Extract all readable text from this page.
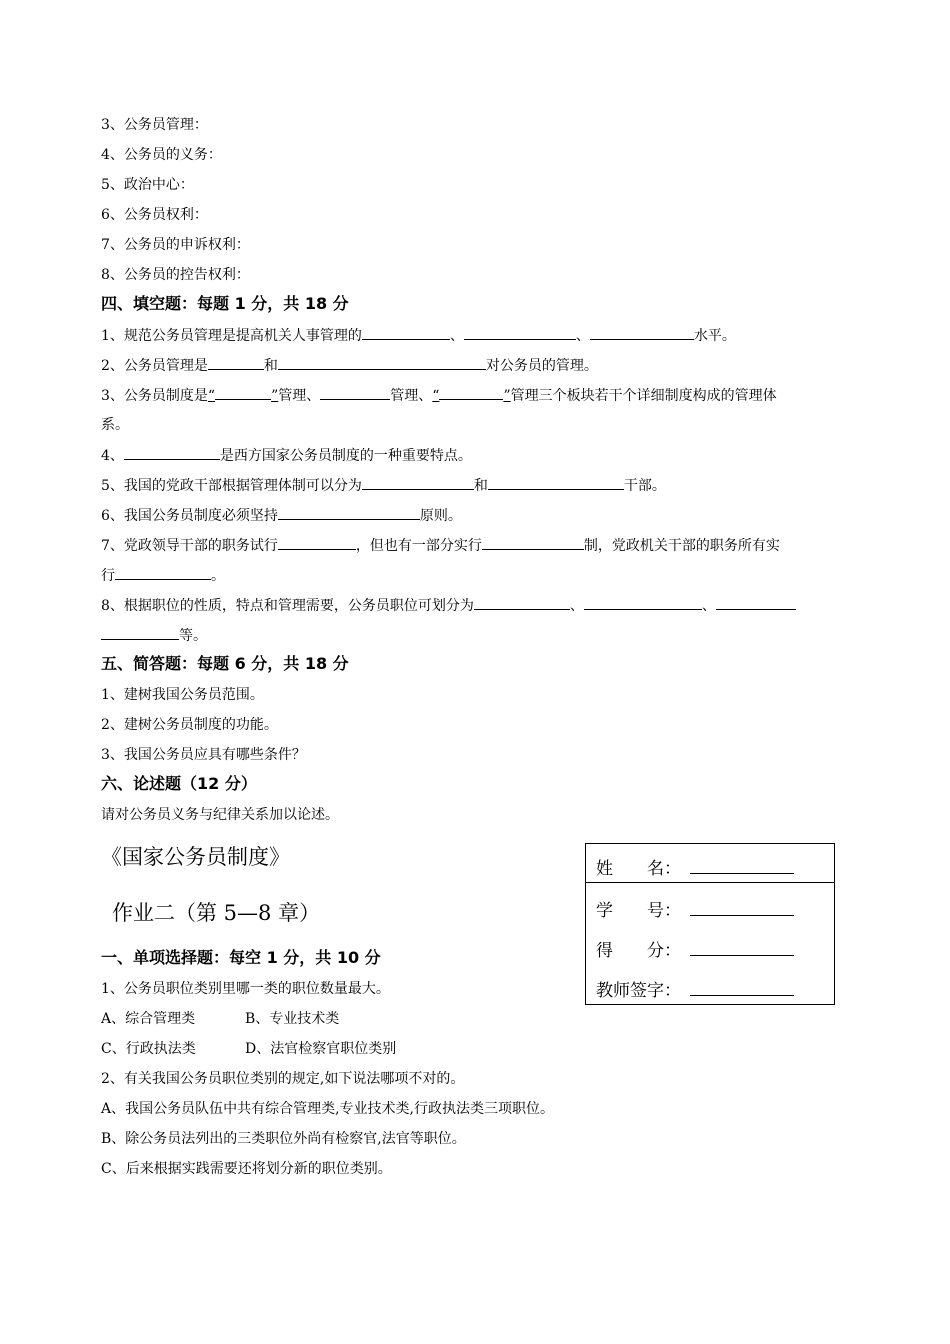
3、公务员管理：
4、公务员的义务：
5、政治中心：
6、公务员权利：
7、公务员的申诉权利：
8、公务员的控告权利：
四、填空题：每题 1 分，共 18 分
1、规范公务员管理是提高机关人事管理的	、	、	水平。
2、公务员管理是	和	对公务员的管理。
3、公务员制度是“	”管理、	管理、“	”管理三个板块若干个详细制度构成的管理体
系。
4、	是西方国家公务员制度的一种重要特点。
5、我国的党政干部根据管理体制可以分为	和	干部。
6、我国公务员制度必须坚持	原则。
7、党政领导干部的职务试行	，但也有一部分实行	制，党政机关干部的职务所有实
行	。
8、根据职位的性质，特点和管理需要，公务员职位可划分为	、	、
等。
五、简答题：每题 6 分，共 18 分
1、建树我国公务员范围。
2、建树公务员制度的功能。
3、我国公务员应具有哪些条件？
六、论述题（12 分）
请对公务员义务与纪律关系加以论述。
《国家公务员制度》
作业二（第 5—8 章）
姓　　名：
学　　号：
得　　分：
教师签字：
一、单项选择题：每空 1 分，共 10 分
1、公务员职位类别里哪一类的职位数量最大。
A、综合管理类	B、专业技术类
C、行政执法类	D、法官检察官职位类别
2、有关我国公务员职位类别的规定,如下说法哪项不对的。
A、我国公务员队伍中共有综合管理类,专业技术类,行政执法类三项职位。
B、除公务员法列出的三类职位外尚有检察官,法官等职位。
C、后来根据实践需要还将划分新的职位类别。
